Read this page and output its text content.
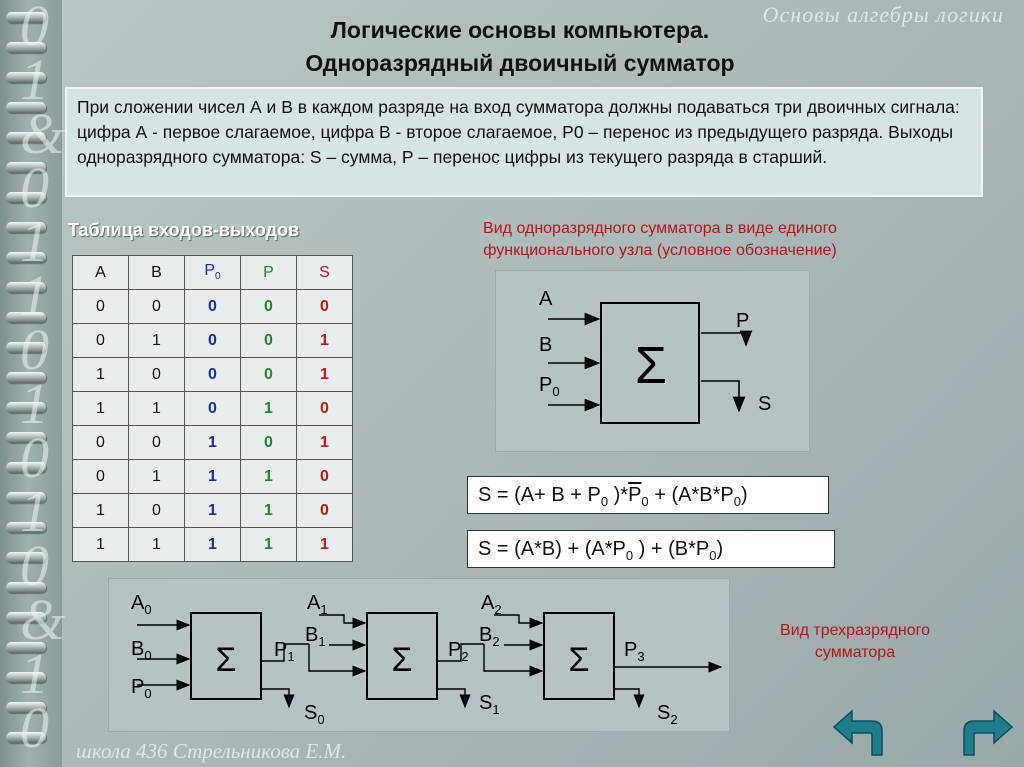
0
1
&
0
1
1
0
1
0
1
0
&
1
0
Основы алгебры логики
школа 436 Стрельникова Е.М.
Логические основы компьютера.
Одноразрядный двоичный сумматор
При сложении чисел А и В в каждом разряде на вход сумматора должны подаваться три двоичных сигнала: цифра А - первое слагаемое, цифра В - второе слагаемое, Р0 – перенос из предыдущего разряда. Выходы одноразрядного сумматора: S – сумма, Р – перенос цифры из текущего разряда в старший.
Таблица входов-выходов
A	B	$P_0$	P	S
0	0	0	0	0
0	1	0	0	1
1	0	0	0	1
1	1	0	1	0
0	0	1	0	1
0	1	1	1	0
1	0	1	1	0
1	1	1	1	1
Вид одноразрядного сумматора в виде единого
функционального узла (условное обозначение)
Σ
A
B
$P_0$
P
S
$S = (A+ B + P_0$ )$*\overline{P}_0 + (A*B*P_0)$
$S = (A*B) + (A*P_0$ ) + $(B*P_0)$
Σ
$A_0$
$B_0$
$P_0$
$P_1$
$S_0$
Σ
$A_1$
$B_1$	$P_2$
$S_1$
Σ
$A_2$
$B_2$	$P_3$
$S_2$
Вид трехразрядного
сумматора
